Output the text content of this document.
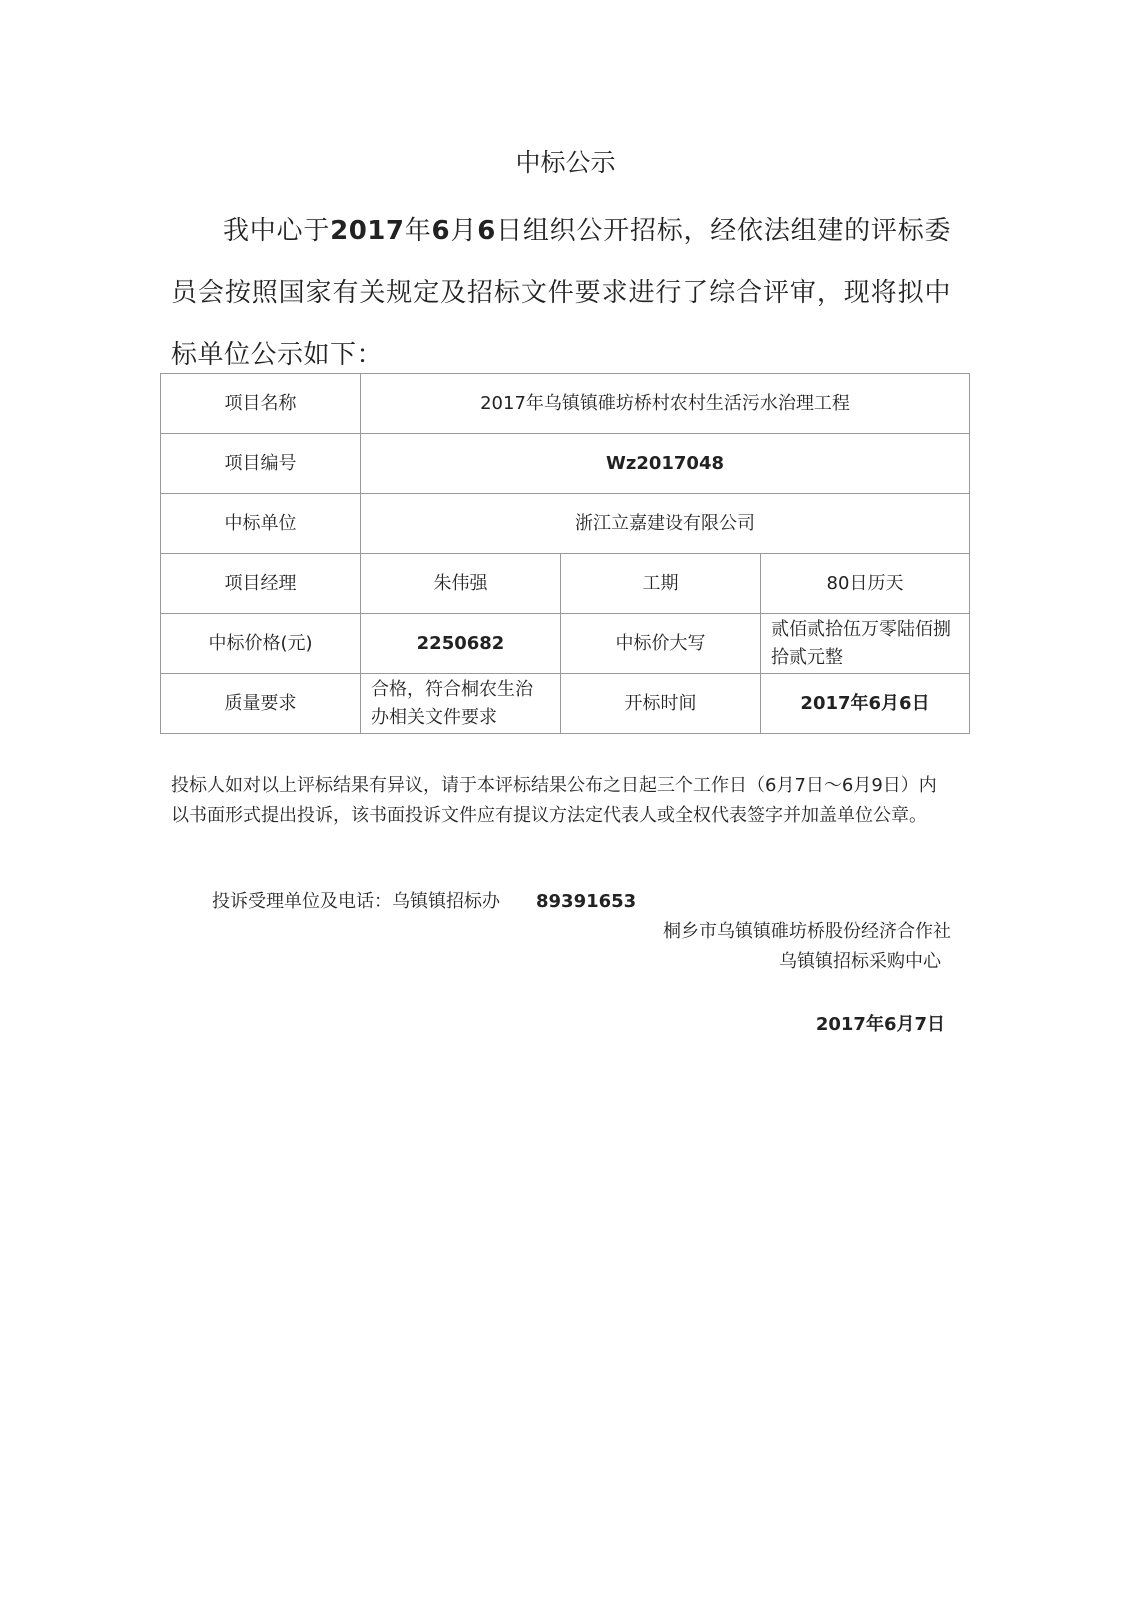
中标公示
我中心于2017年6月6日组织公开招标，经依法组建的评标委员会按照国家有关规定及招标文件要求进行了综合评审，现将拟中标单位公示如下：
项目名称	2017年乌镇镇碓坊桥村农村生活污水治理工程		
项目编号	Wz2017048		
中标单位	浙江立嘉建设有限公司		
项目经理	朱伟强	工期	80日历天
中标价格(元)	2250682	中标价大写	贰佰贰拾伍万零陆佰捌拾贰元整
质量要求	合格，符合桐农生治办相关文件要求	开标时间	2017年6月6日
投标人如对以上评标结果有异议，请于本评标结果公布之日起三个工作日（6月7日～6月9日）内以书面形式提出投诉，该书面投诉文件应有提议方法定代表人或全权代表签字并加盖单位公章。
投诉受理单位及电话：乌镇镇招标办 89391653
桐乡市乌镇镇碓坊桥股份经济合作社
乌镇镇招标采购中心
2017年6月7日
